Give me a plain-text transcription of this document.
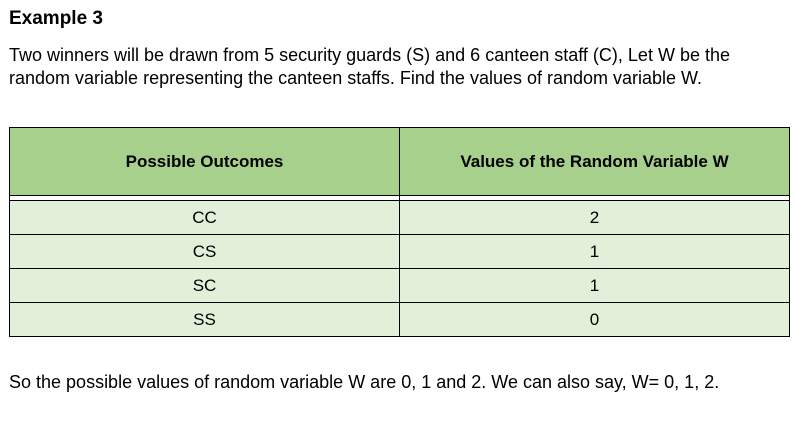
Example 3

Two winners will be drawn from 5 security guards (S) and 6 canteen staff (C), Let W be the random variable representing the canteen staffs. Find the values of random variable W.

Possible Outcomes	Values of the Random Variable W

CC	2
CS	1
SC	1
SS	0

So the possible values of random variable W are 0, 1 and 2. We can also say, W= 0, 1, 2.
